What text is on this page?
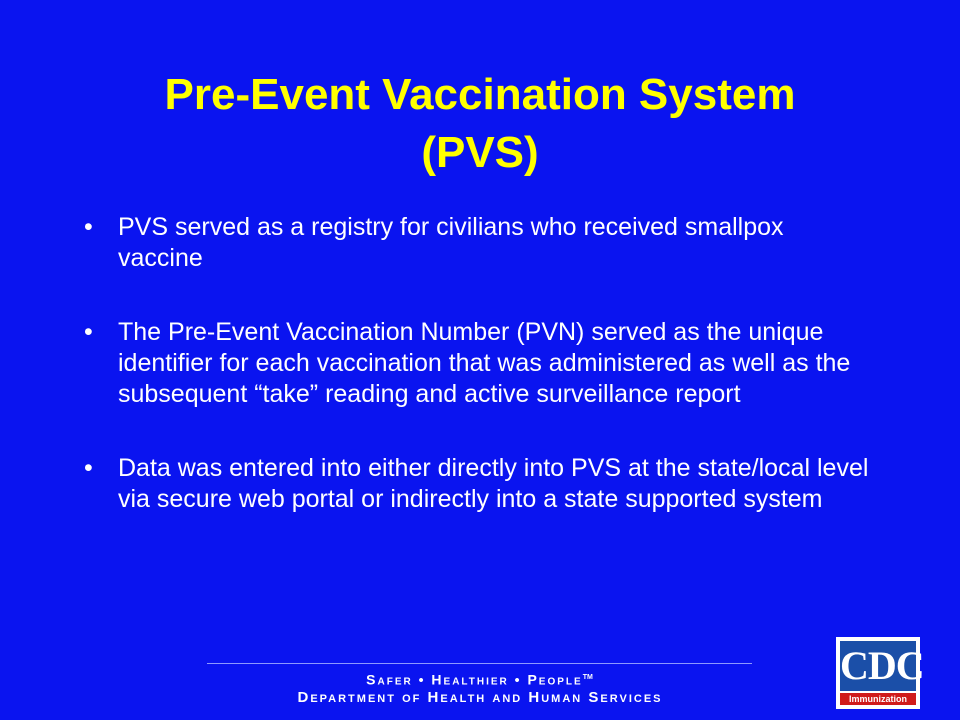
Pre-Event Vaccination System
(PVS)
• PVS served as a registry for civilians who received smallpox vaccine
• The Pre-Event Vaccination Number (PVN) served as the unique identifier for each vaccination that was administered as well as the subsequent “take” reading and active surveillance report
• Data was entered into either directly into PVS at the state/local level via secure web portal or indirectly into a state supported system
Safer • Healthier • People™
Department of Health and Human Services
CDC
Immunization
